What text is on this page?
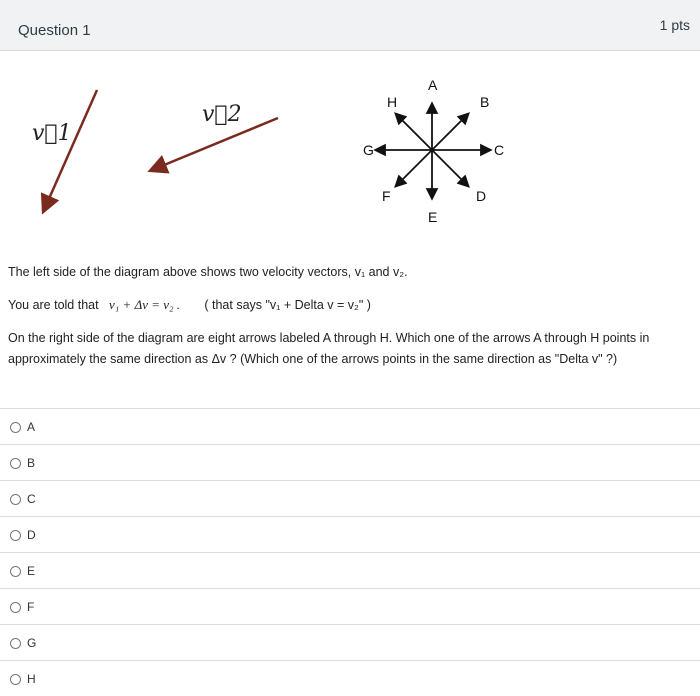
Question 1	1 pts
v⃗1
v⃗2
A
B
C
D
E
F
G
H
The left side of the diagram above shows two velocity vectors, v₁ and v₂.
You are told that v₁ + Δv = v₂ . ( that says "v₁ + Delta v = v₂" )
On the right side of the diagram are eight arrows labeled A through H. Which one of the arrows A through H points in approximately the same direction as Δv ? (Which one of the arrows points in the same direction as "Delta v" ?)
A
B
C
D
E
F
G
H
